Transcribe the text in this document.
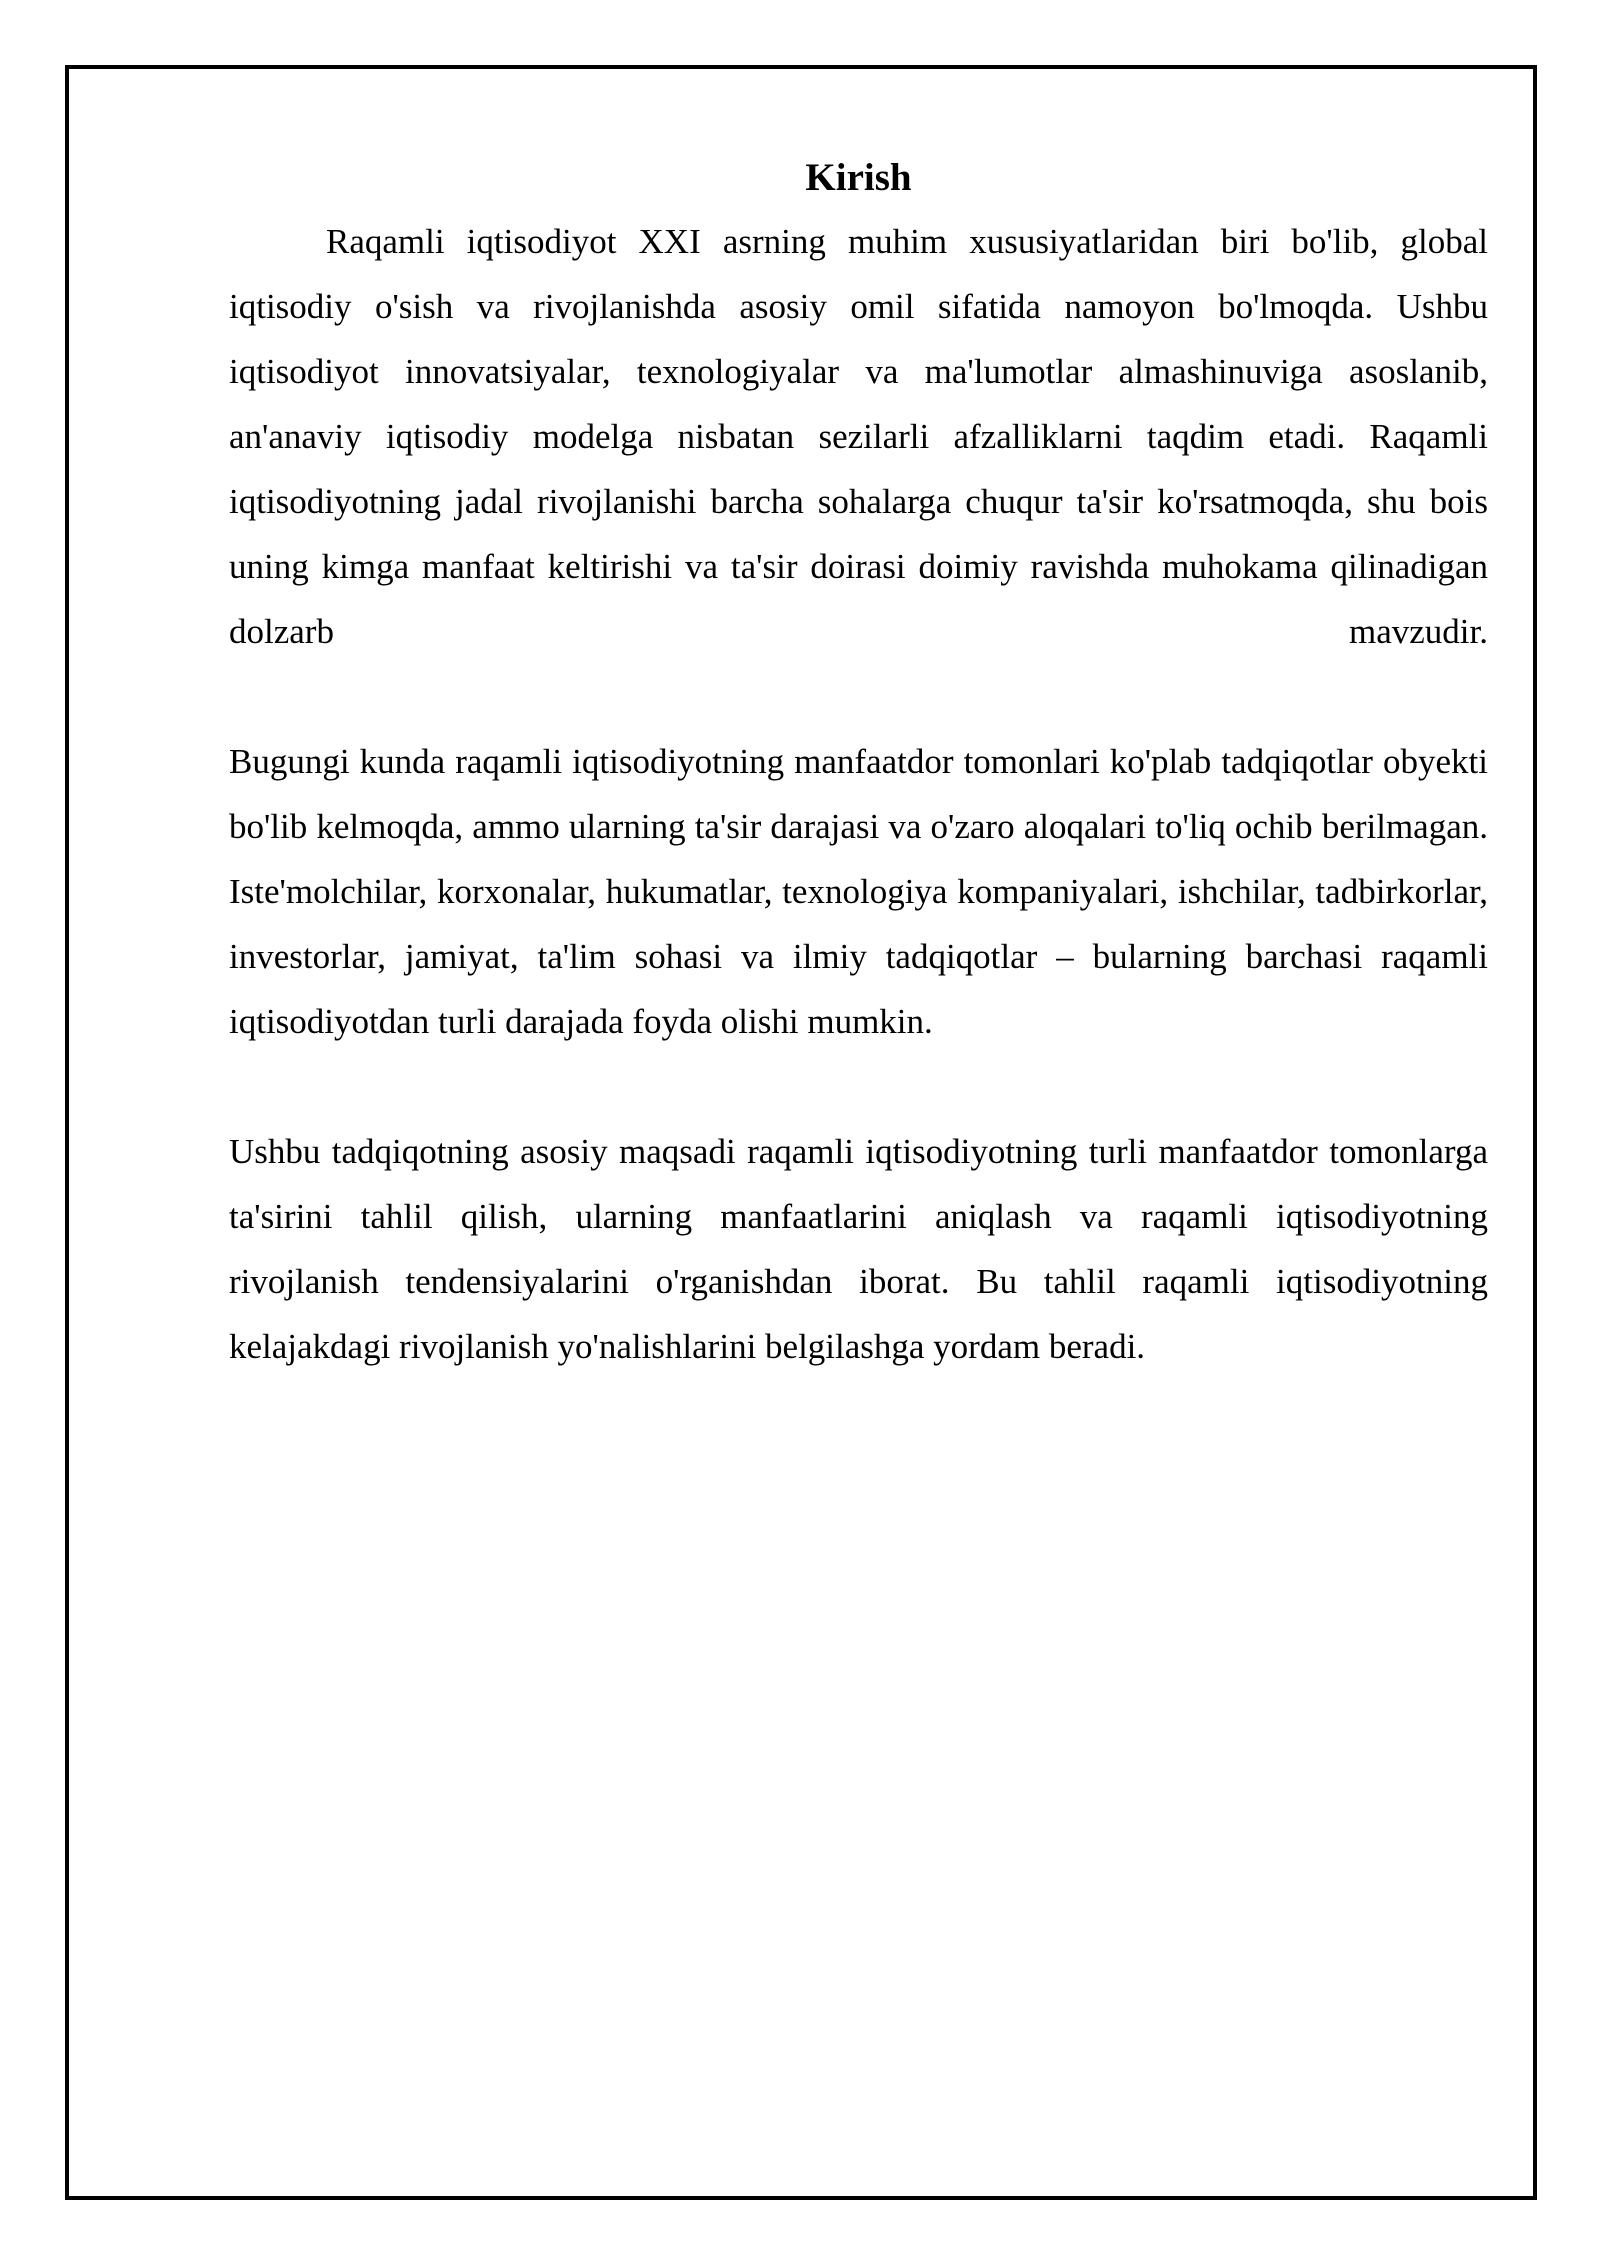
Kirish

Raqamli iqtisodiyot XXI asrning muhim xususiyatlaridan biri bo'lib, global iqtisodiy o'sish va rivojlanishda asosiy omil sifatida namoyon bo'lmoqda. Ushbu iqtisodiyot innovatsiyalar, texnologiyalar va ma'lumotlar almashinuviga asoslanib, an'anaviy iqtisodiy modelga nisbatan sezilarli afzalliklarni taqdim etadi. Raqamli iqtisodiyotning jadal rivojlanishi barcha sohalarga chuqur ta'sir ko'rsatmoqda, shu bois uning kimga manfaat keltirishi va ta'sir doirasi doimiy ravishda muhokama qilinadigan dolzarb mavzudir.

Bugungi kunda raqamli iqtisodiyotning manfaatdor tomonlari ko'plab tadqiqotlar obyekti bo'lib kelmoqda, ammo ularning ta'sir darajasi va o'zaro aloqalari to'liq ochib berilmagan. Iste'molchilar, korxonalar, hukumatlar, texnologiya kompaniyalari, ishchilar, tadbirkorlar, investorlar, jamiyat, ta'lim sohasi va ilmiy tadqiqotlar – bularning barchasi raqamli iqtisodiyotdan turli darajada foyda olishi mumkin.

Ushbu tadqiqotning asosiy maqsadi raqamli iqtisodiyotning turli manfaatdor tomonlarga ta'sirini tahlil qilish, ularning manfaatlarini aniqlash va raqamli iqtisodiyotning rivojlanish tendensiyalarini o'rganishdan iborat. Bu tahlil raqamli iqtisodiyotning kelajakdagi rivojlanish yo'nalishlarini belgilashga yordam beradi.
